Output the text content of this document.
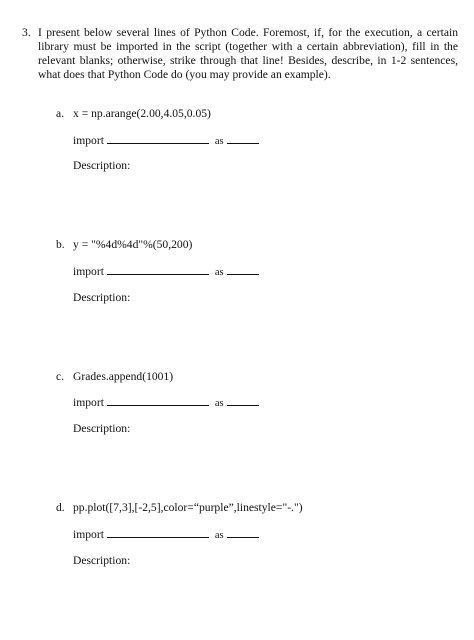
3. I present below several lines of Python Code. Foremost, if, for the execution, a certain library must be imported in the script (together with a certain abbreviation), fill in the relevant blanks; otherwise, strike through that line! Besides, describe, in 1-2 sentences, what does that Python Code do (you may provide an example).
a. x = np.arange(2.00,4.05,0.05)
import	as
Description:
b. y = "%4d%4d"%(50,200)
import	as
Description:
c. Grades.append(1001)
import	as
Description:
d. pp.plot([7,3],[-2,5],color=“purple”,linestyle="-.")
import	as
Description:
